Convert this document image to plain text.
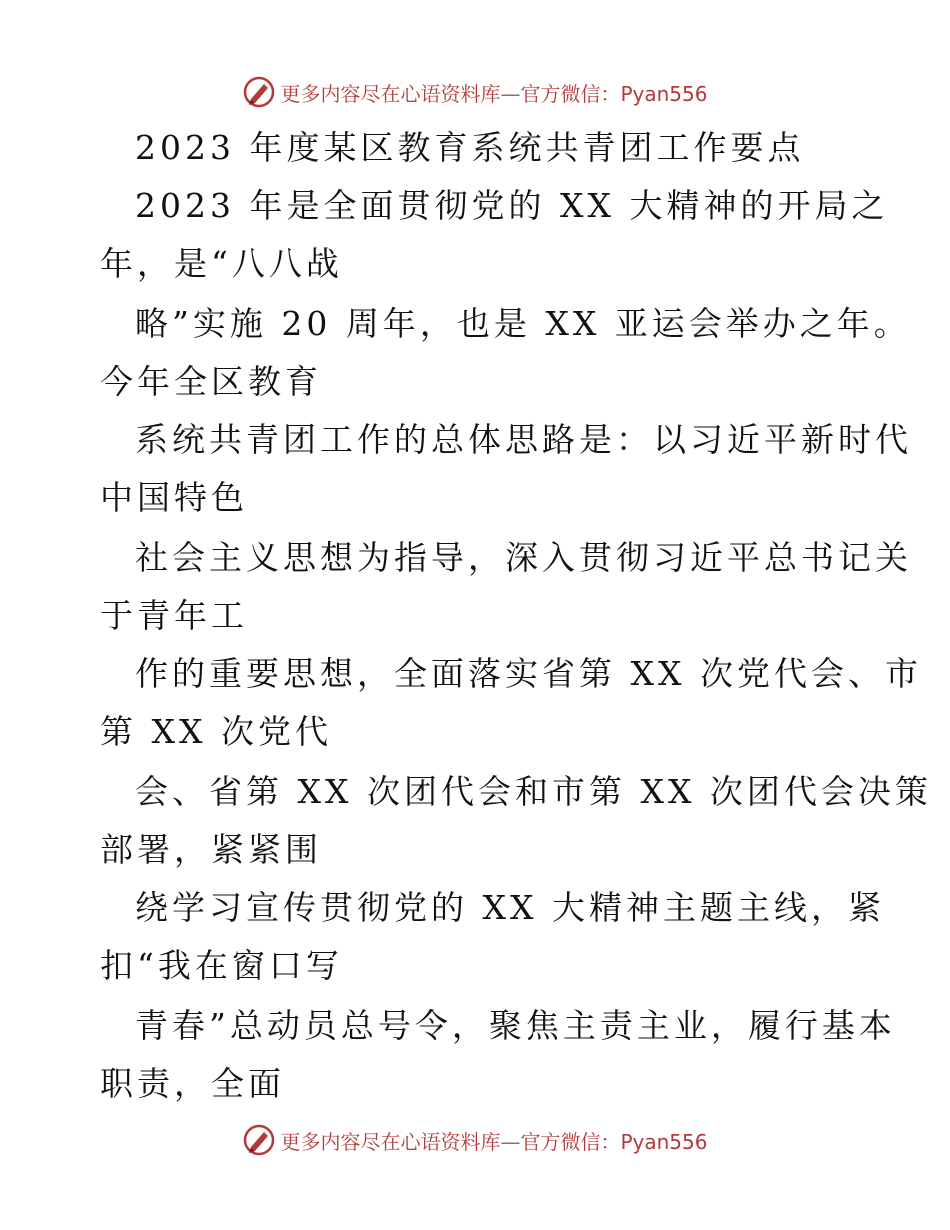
更多内容尽在心语资料库—官方微信：Pyan556
2023 年度某区教育系统共青团工作要点
2023 年是全面贯彻党的 XX 大精神的开局之
年，是“八八战
略”实施 20 周年，也是 XX 亚运会举办之年。
今年全区教育
系统共青团工作的总体思路是：以习近平新时代
中国特色
社会主义思想为指导，深入贯彻习近平总书记关
于青年工
作的重要思想，全面落实省第 XX 次党代会、市
第 XX 次党代
会、省第 XX 次团代会和市第 XX 次团代会决策
部署，紧紧围
绕学习宣传贯彻党的 XX 大精神主题主线，紧
扣“我在窗口写
青春”总动员总号令，聚焦主责主业，履行基本
职责，全面
更多内容尽在心语资料库—官方微信：Pyan556
